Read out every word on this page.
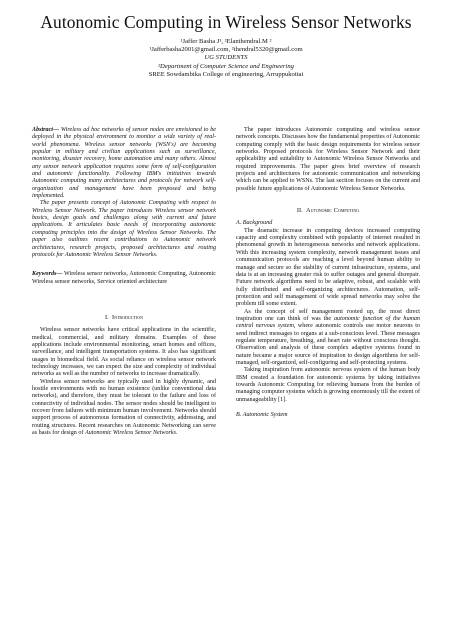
Autonomic Computing in Wireless Sensor Networks
¹Jaffer Basha J¹, ²Elanthendral.M ²
¹Jafferbasha2001@gmail.com, ²thendral5320@gmail.com
UG STUDENTS
²Department of Computer Science and Engineering
SREE Sowdambika College of engineering, Arruppukottai

Abstract— Wireless ad hoc networks of sensor nodes are envisioned to be deployed in the physical environment to monitor a wide variety of real-world phenomena. Wireless sensor networks (WSN's) are becoming popular in military and civilian applications such as surveillance, monitoring, disaster recovery, home automation and many others. Almost any sensor network application requires some form of self-configuration and autonomic functionality. Following IBM's initiatives towards Autonomic computing many architectures and protocols for network self-organization and management have been proposed and being implemented.

The paper presents concept of Autonomic Computing with respect to Wireless Sensor Network. The paper introduces Wireless sensor network basics, design goals and challenges along with current and future applications. It articulates basic needs of incorporating autonomic computing principles into the design of Wireless Sensor Networks. The paper also outlines recent contributions to Autonomic network architectures, research projects, proposed architectures and routing protocols for Autonomic Wireless Sensor Networks.

Keywords— Wireless sensor networks, Autonomic Computing, Autonomic Wireless sensor networks, Service oriented architecture

I. Introduction

Wireless sensor networks have critical applications in the scientific, medical, commercial, and military domains. Examples of these applications include environmental monitoring, smart homes and offices, surveillance, and intelligent transportation systems. It also has significant usages in biomedical field. As social reliance on wireless sensor network technology increases, we can expect the size and complexity of individual networks as well as the number of networks to increase dramatically.

Wireless sensor networks are typically used in highly dynamic, and hostile environments with no human existence (unlike conventional data networks), and therefore, they must be tolerant to the failure and loss of connectivity of individual nodes. The sensor nodes should be intelligent to recover from failures with minimum human involvement. Networks should support process of autonomous formation of connectivity, addressing, and routing structures. Recent researches on Autonomic Networking can serve as basis for design of Autonomic Wireless Sensor Networks.

The paper introduces Autonomic computing and wireless sensor network concepts. Discusses how the fundamental properties of Autonomic computing comply with the basic design requirements for wireless sensor networks. Proposed protocols for Wireless Sensor Network and their applicability and suitability to Autonomic Wireless Sensor Networks and required improvements. The paper gives brief overview of research projects and architectures for autonomic communication and networking which can be applied to WSNs. The last section focuses on the current and possible future applications of Autonomic Wireless Sensor Networks.

II. Autonomic Computing

A. Background

The dramatic increase in computing devices increased computing capacity and complexity combined with popularity of internet resulted in phenomenal growth in heterogeneous networks and network applications. With this increasing system complexity, network management issues and communication protocols are reaching a level beyond human ability to manage and secure so the stability of current infrastructure, systems, and data is at an increasing greater risk to suffer outages and general disrepair. Future network algorithms need to be adaptive, robust, and scalable with fully distributed and self-organizing architectures. Automation, self-protection and self management of wide spread networks may solve the problem till some extent.

As the concept of self management rooted up, the most direct inspiration one can think of was the autonomic function of the human central nervous system, where autonomic controls use motor neurons to send indirect messages to organs at a sub-conscious level. These messages regulate temperature, breathing, and heart rate without conscious thought. Observation and analysis of these complex adaptive systems found in nature became a major source of inspiration to design algorithms for self-managed, self-organized, self-configuring and self-protecting systems.

Taking inspiration from autonomic nervous system of the human body IBM created a foundation for autonomic systems by taking initiatives towards Autonomic Computing for relieving humans from the burden of managing computer systems which is growing enormously till the extent of unmanageability [1].

B. Autonomic System
